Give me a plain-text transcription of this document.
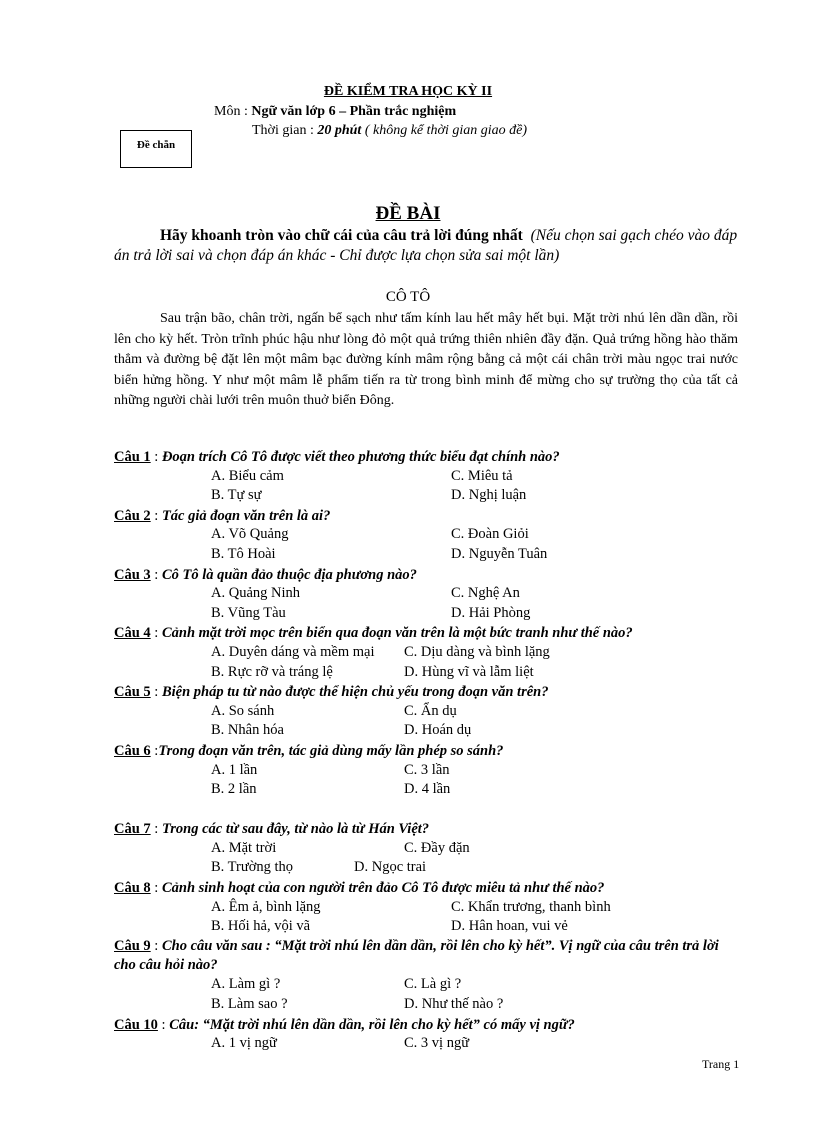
ĐỀ KIỂM TRA HỌC KỲ II
Môn : Ngữ văn lớp 6 – Phần trắc nghiệm
Thời gian : 20 phút ( không kể thời gian giao đề)
Đề chẵn
ĐỀ BÀI
Hãy khoanh tròn vào chữ cái của câu trả lời đúng nhất (Nếu chọn sai gạch chéo vào đáp án trả lời sai và chọn đáp án khác - Chỉ được lựa chọn sửa sai một lần)
CÔ TÔ
Sau trận bão, chân trời, ngấn bể sạch như tấm kính lau hết mây hết bụi. Mặt trời nhú lên dần dần, rồi lên cho kỳ hết. Tròn trĩnh phúc hậu như lòng đỏ một quả trứng thiên nhiên đầy đặn. Quả trứng hồng hào thăm thẳm và đường bệ đặt lên một mâm bạc đường kính mâm rộng bằng cả một cái chân trời màu ngọc trai nước biển hửng hồng. Y như một mâm lễ phẩm tiến ra từ trong bình minh để mừng cho sự trường thọ của tất cả những người chài lưới trên muôn thuở biển Đông.
Câu 1 : Đoạn trích Cô Tô được viết theo phương thức biểu đạt chính nào?
A. Biểu cảm	C. Miêu tả
B. Tự sự	D. Nghị luận
Câu 2 : Tác giả đoạn văn trên là ai?
A. Võ Quảng	C. Đoàn Giỏi
B. Tô Hoài	D. Nguyễn Tuân
Câu 3 : Cô Tô là quần đảo thuộc địa phương nào?
A. Quảng Ninh	C. Nghệ An
B. Vũng Tàu	D. Hải Phòng
Câu 4 : Cảnh mặt trời mọc trên biển qua đoạn văn trên là một bức tranh như thế nào?
A. Duyên dáng và mềm mại C. Dịu dàng và bình lặng
B. Rực rỡ và tráng lệ	D. Hùng vĩ và lẫm liệt
Câu 5 : Biện pháp tu từ nào được thể hiện chủ yếu trong đoạn văn trên?
A. So sánh	C. Ẩn dụ
B. Nhân hóa	D. Hoán dụ
Câu 6 :Trong đoạn văn trên, tác giả dùng mấy lần phép so sánh?
A. 1 lần	C. 3 lần
B. 2 lần	D. 4 lần
Câu 7 : Trong các từ sau đây, từ nào là từ Hán Việt?
A. Mặt trời	C. Đầy đặn
B. Trường thọ	D. Ngọc trai
Câu 8 : Cảnh sinh hoạt của con người trên đảo Cô Tô được miêu tả như thế nào?
A. Êm ả, bình lặng	C. Khẩn trương, thanh bình
B. Hối hả, vội vã	D. Hân hoan, vui vẻ
Câu 9 : Cho câu văn sau : “Mặt trời nhú lên dần dần, rồi lên cho kỳ hết”. Vị ngữ của câu trên trả lời cho câu hỏi nào?
A. Làm gì ?	C. Là gì ?
B. Làm sao ?	D. Như thế nào ?
Câu 10 : Câu: “Mặt trời nhú lên dần dần, rồi lên cho kỳ hết” có mấy vị ngữ?
A. 1 vị ngữ	C. 3 vị ngữ
Trang 1
